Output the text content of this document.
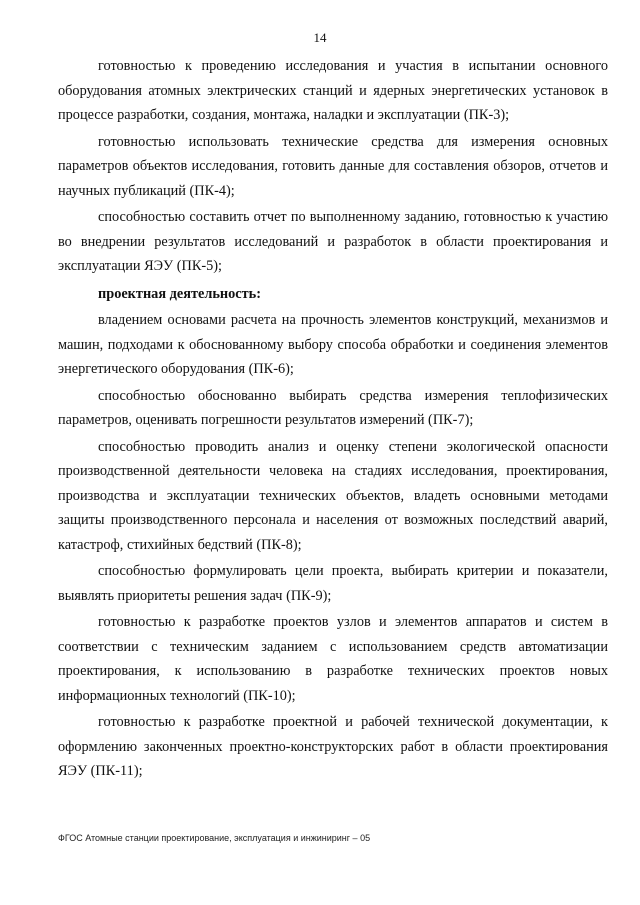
14

готовностью к проведению исследования и участия в испытании основного оборудования атомных электрических станций и ядерных энергетических установок в процессе разработки, создания, монтажа, наладки и эксплуатации (ПК-3);

готовностью использовать технические средства для измерения основных параметров объектов исследования, готовить данные для составления обзоров, отчетов и научных публикаций (ПК-4);

способностью составить отчет по выполненному заданию, готовностью к участию во внедрении результатов исследований и разработок в области проектирования и эксплуатации ЯЭУ (ПК-5);

проектная деятельность:

владением основами расчета на прочность элементов конструкций, механизмов и машин, подходами к обоснованному выбору способа обработки и соединения элементов энергетического оборудования (ПК-6);

способностью обоснованно выбирать средства измерения теплофизических параметров, оценивать погрешности результатов измерений (ПК-7);

способностью проводить анализ и оценку степени экологической опасности производственной деятельности человека на стадиях исследования, проектирования, производства и эксплуатации технических объектов, владеть основными методами защиты производственного персонала и населения от возможных последствий аварий, катастроф, стихийных бедствий (ПК-8);

способностью формулировать цели проекта, выбирать критерии и показатели, выявлять приоритеты решения задач (ПК-9);

готовностью к разработке проектов узлов и элементов аппаратов и систем в соответствии с техническим заданием с использованием средств автоматизации проектирования, к использованию в разработке технических проектов новых информационных технологий (ПК-10);

готовностью к разработке проектной и рабочей технической документации, к оформлению законченных проектно-конструкторских работ в области проектирования ЯЭУ (ПК-11);

ФГОС Атомные станции проектирование, эксплуатация и инжиниринг – 05
